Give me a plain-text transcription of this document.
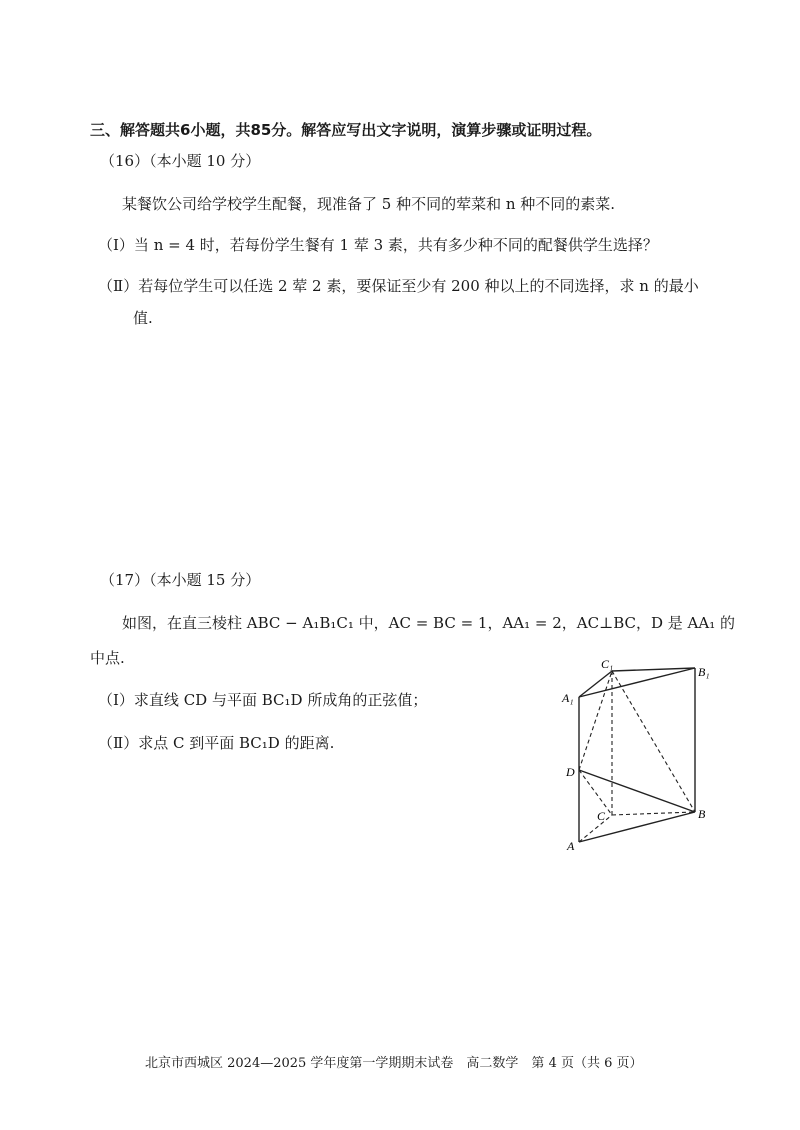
三、解答题共6小题，共85分。解答应写出文字说明，演算步骤或证明过程。
（16）（本小题 10 分）
某餐饮公司给学校学生配餐，现准备了 5 种不同的荤菜和 n 种不同的素菜.
（Ⅰ）当 n = 4 时，若每份学生餐有 1 荤 3 素，共有多少种不同的配餐供学生选择？
（Ⅱ）若每位学生可以任选 2 荤 2 素，要保证至少有 200 种以上的不同选择，求 n 的最小
值.
（17）（本小题 15 分）
如图，在直三棱柱 ABC − A₁B₁C₁ 中，AC = BC = 1，AA₁ = 2，AC⊥BC，D 是 AA₁ 的
中点.
（Ⅰ）求直线 CD 与平面 BC₁D 所成角的正弦值；
（Ⅱ）求点 C 到平面 BC₁D 的距离.
C₁
B₁
A₁
D
C	B
A
北京市西城区 2024—2025 学年度第一学期期末试卷　高二数学　第 4 页（共 6 页）
